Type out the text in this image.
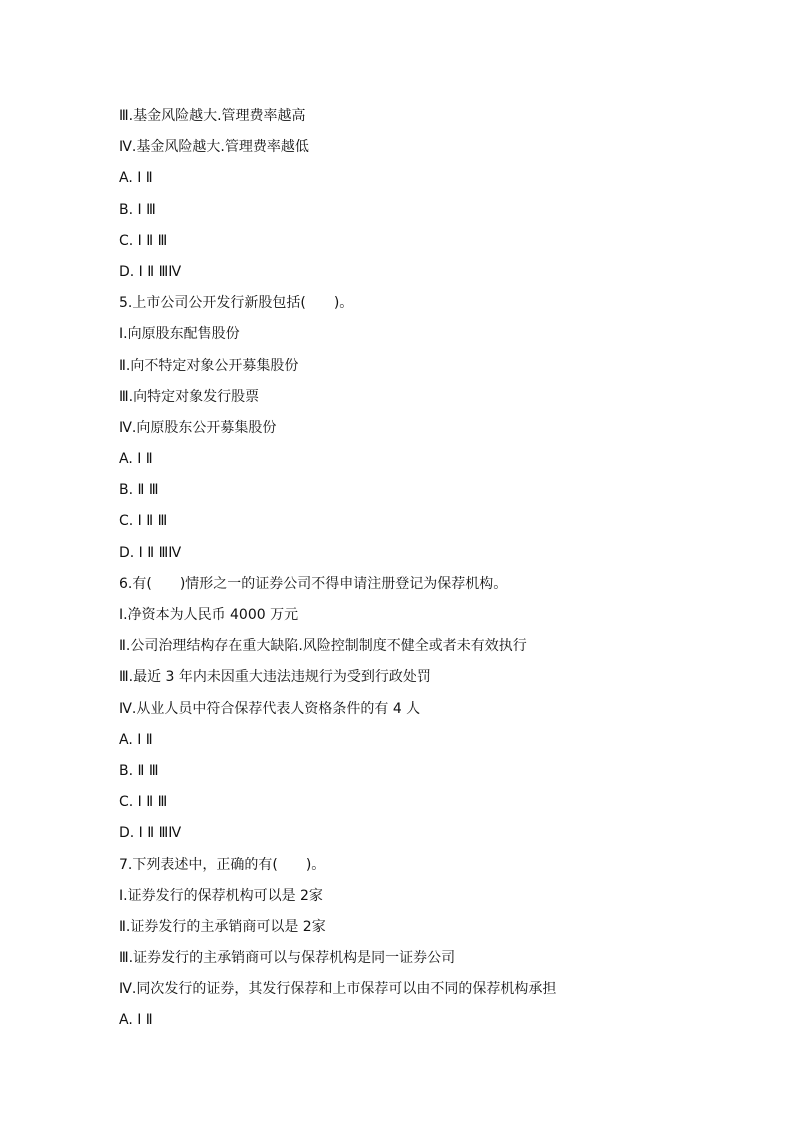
Ⅲ.基金风险越大.管理费率越高
Ⅳ.基金风险越大.管理费率越低
A. Ⅰ Ⅱ
B. Ⅰ Ⅲ
C. Ⅰ Ⅱ Ⅲ
D. Ⅰ Ⅱ ⅢⅣ
5.上市公司公开发行新股包括(　　)。
Ⅰ.向原股东配售股份
Ⅱ.向不特定对象公开募集股份
Ⅲ.向特定对象发行股票
Ⅳ.向原股东公开募集股份
A. Ⅰ Ⅱ
B. Ⅱ Ⅲ
C. Ⅰ Ⅱ Ⅲ
D. Ⅰ Ⅱ ⅢⅣ
6.有(　　)情形之一的证券公司不得申请注册登记为保荐机构。
Ⅰ.净资本为人民币 4000 万元
Ⅱ.公司治理结构存在重大缺陷.风险控制制度不健全或者未有效执行
Ⅲ.最近 3 年内未因重大违法违规行为受到行政处罚
Ⅳ.从业人员中符合保荐代表人资格条件的有 4 人
A. Ⅰ Ⅱ
B. Ⅱ Ⅲ
C. Ⅰ Ⅱ Ⅲ
D. Ⅰ Ⅱ ⅢⅣ
7.下列表述中，正确的有(　　)。
Ⅰ.证券发行的保荐机构可以是 2家
Ⅱ.证券发行的主承销商可以是 2家
Ⅲ.证券发行的主承销商可以与保荐机构是同一证券公司
Ⅳ.同次发行的证券，其发行保荐和上市保荐可以由不同的保荐机构承担
A. Ⅰ Ⅱ
